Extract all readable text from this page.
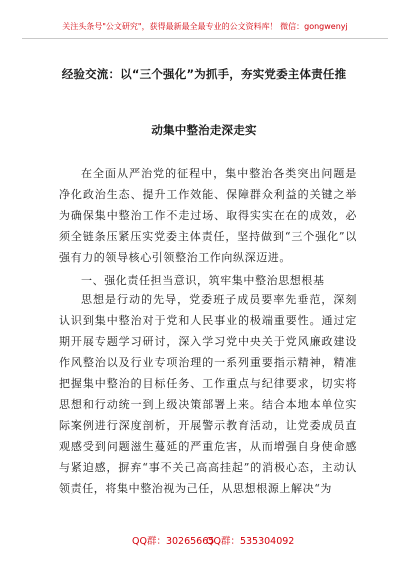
关注头条号"公文研究"，获得最新最全最专业的公文资料库！ 微信：gongwenyj
经验交流：以“三个强化”为抓手，夯实党委主体责任推
动集中整治走深走实

在全面从严治党的征程中，集中整治各类突出问题是净化政治生态、提升工作效能、保障群众利益的关键之举为确保集中整治工作不走过场、取得实实在在的成效，必须全链条压紧压实党委主体责任，坚持做到“三个强化”以强有力的领导核心引领整治工作向纵深迈进。

一、强化责任担当意识，筑牢集中整治思想根基

思想是行动的先导，党委班子成员要率先垂范，深刻认识到集中整治对于党和人民事业的极端重要性。通过定期开展专题学习研讨，深入学习党中央关于党风廉政建设作风整治以及行业专项治理的一系列重要指示精神，精准把握集中整治的目标任务、工作重点与纪律要求，切实将思想和行动统一到上级决策部署上来。结合本地本单位实际案例进行深度剖析，开展警示教育活动，让党委成员直观感受到问题滋生蔓延的严重危害，从而增强自身使命感与紧迫感，摒弃“事不关己高高挂起”的消极心态，主动认领责任，将集中整治视为己任，从思想根源上解决“为

QQ群：30265665
QQ群：535304092
